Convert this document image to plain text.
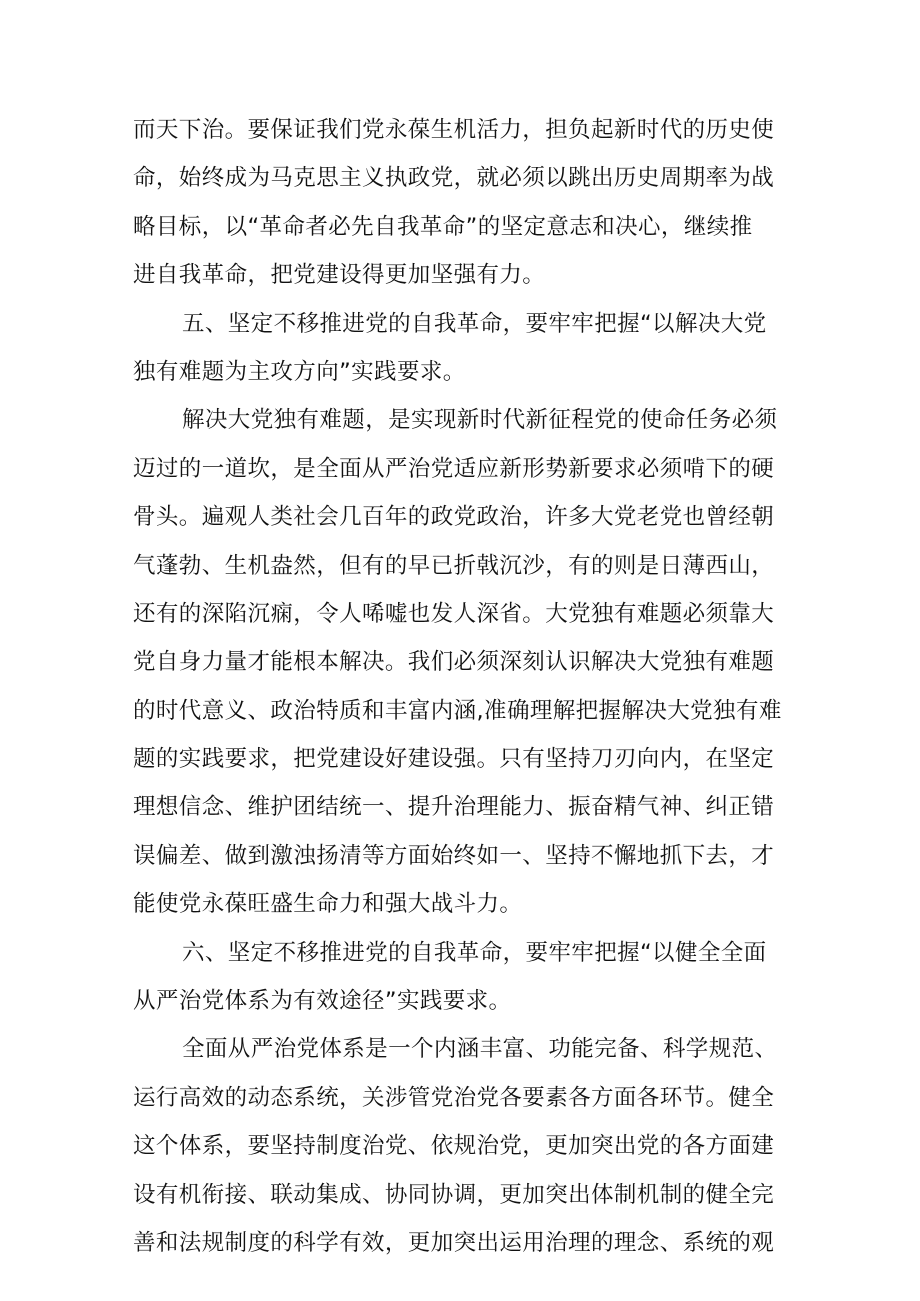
而天下治。要保证我们党永葆生机活力，担负起新时代的历史使
命，始终成为马克思主义执政党，就必须以跳出历史周期率为战
略目标，以“革命者必先自我革命”的坚定意志和决心，继续推
进自我革命，把党建设得更加坚强有力。
五、坚定不移推进党的自我革命，要牢牢把握“以解决大党
独有难题为主攻方向”实践要求。
解决大党独有难题，是实现新时代新征程党的使命任务必须
迈过的一道坎，是全面从严治党适应新形势新要求必须啃下的硬
骨头。遍观人类社会几百年的政党政治，许多大党老党也曾经朝
气蓬勃、生机盎然，但有的早已折戟沉沙，有的则是日薄西山，
还有的深陷沉痫，令人唏嘘也发人深省。大党独有难题必须靠大
党自身力量才能根本解决。我们必须深刻认识解决大党独有难题
的时代意义、政治特质和丰富内涵,准确理解把握解决大党独有难
题的实践要求，把党建设好建设强。只有坚持刀刃向内，在坚定
理想信念、维护团结统一、提升治理能力、振奋精气神、纠正错
误偏差、做到激浊扬清等方面始终如一、坚持不懈地抓下去，才
能使党永葆旺盛生命力和强大战斗力。
六、坚定不移推进党的自我革命，要牢牢把握“以健全全面
从严治党体系为有效途径”实践要求。
全面从严治党体系是一个内涵丰富、功能完备、科学规范、
运行高效的动态系统，关涉管党治党各要素各方面各环节。健全
这个体系，要坚持制度治党、依规治党，更加突出党的各方面建
设有机衔接、联动集成、协同协调，更加突出体制机制的健全完
善和法规制度的科学有效，更加突出运用治理的理念、系统的观
